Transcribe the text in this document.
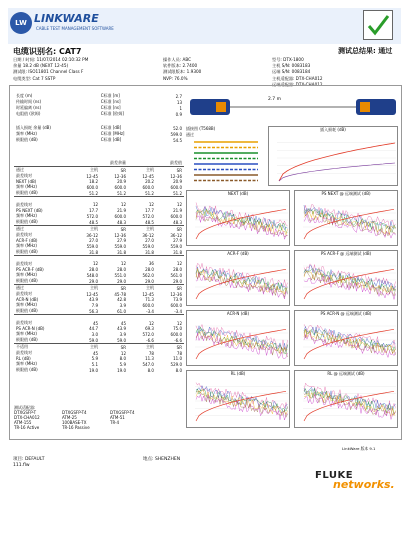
LW LINKWARE
CABLE TEST MANAGEMENT SOFTWARE
电缆识别名: CAT7	测试总结果: 通过
日期 / 时间: 11/07/2014 02:10:32 PM
余量 18.2 dB (NEXT 12-45)
测试限: ISO11801 Channel Class F
电缆类型: Cat 7 SSTP
操作人员: ABC
软件版本: 2.7400
测试限版本: 1.9300
NVP: 76.0%
型号: DTX-1800
主机 S/N: 0083183
远端 S/N: 0083184
主机适配器: DTX-CHA012
远端适配器: DTX-CHA012
长度 (m)		C标准 [m]	2.7
传输时间 (ns)		C标准 [ns]	13
时延偏离 (ns)		C标准 [ns]	1
电阻值 (欧姆)		C标准 [欧姆]	0.9

插入损耗 余量 (dB)		C标准 [dB]	52.0
频率 (MHz)		C标准 [MHz]	599.0
极限值 (dB)		C标准 [dB]	54.5
	最差余量		最差值	
通过	主机	SR	主机	SR
最差线对	12-45	12-36	12-45	12-36
NEXT (dB)	18.2	20.9	20.2	20.9
频率 (MHz)	600.0	600.0	600.0	600.0
极限值 (dB)	51.2	51.2	51.2	51.2

最差线对	12	12	12	12
PS NEXT (dB)	17.7	21.9	17.7	21.9
频率 (MHz)	572.0	600.0	572.0	600.0
极限值 (dB)	48.5	48.3	48.5	48.3
通过	主机	SR	主机	SR
最差线对	36-12	12-36	36-12	36-12
ACR-F (dB)	27.0	27.9	27.0	27.9
频率 (MHz)	559.0	559.0	559.0	559.0
极限值 (dB)	31.8	31.8	31.8	31.8

最差线对	12	12	36	12
PS ACR-F (dB)	28.0	28.0	28.0	28.0
频率 (MHz)	548.0	551.0	562.0	561.0
极限值 (dB)	29.0	29.0	29.0	29.0
通过	主机	SR	主机	SR
最差线对	12-45	45-78	12-45	12-36
ACR-N (dB)	43.9	42.8	71.3	73.9
频率 (MHz)	7.9	3.9	600.0	600.0
极限值 (dB)	56.3	61.0	-3.4	-3.4

最差线对	45	45	12	12
PS ACR-N (dB)	44.7	43.9	69.3	75.0
频率 (MHz)	3.0	3.9	572.0	600.0
极限值 (dB)	59.0	59.0	-6.6	-6.6
不适用	主机	SR	主机	SR
最差线对	45	12	78	78
RL (dB)	5.9	8.0	11.3	11.0
频率 (MHz)	5.1	5.9	547.0	529.0
极限值 (dB)	19.0	19.0	8.0	8.0
测试适配器:
DTXGSFP-T	DTXGSFP-T4	DTXGSFP-T4
DTX-CHA012	ATM-25	ATM-51
ATM-155	100BASE-TX	TR-4
TR-16 Active	TR-16 Passive
2.7 m
插接图 (T568B)
通过
插入损耗 (dB)
NEXT (dB)	PS NEXT @ 远端测试 (dB)
ACR-F (dB)	PS ACR-F @ 远端测试 (dB)
ACR-N (dB)	PS ACR-N @ 远端测试 (dB)
RL (dB)	RL @ 远端测试 (dB)
LinkWare 版本 9.1
项目: DEFAULT	地点: SHENZHEN
111.flw
FLUKE
networks.
